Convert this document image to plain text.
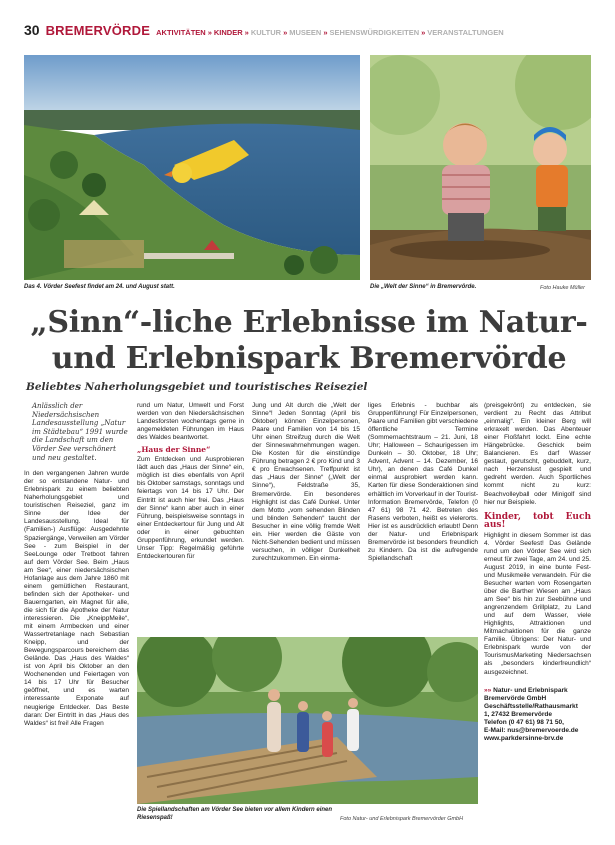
30 BREMERVÖRDE AKTIVITÄTEN » KINDER » KULTUR » MUSEEN » SEHENSWÜRDIGKEITEN » VERANSTALTUNGEN
Das 4. Vörder Seefest findet am 24. und August statt.	Die „Welt der Sinne“ in Bremervörde.	Foto Hauke Müller
„Sinn“-liche Erlebnisse im Natur- und Erlebnispark Bremervörde
Beliebtes Naherholungsgebiet und touristisches Reiseziel

Anlässlich der Niedersächsischen Landesausstellung „Natur im Städtebau“ 1991 wurde die Landschaft um den Vörder See verschönert und neu gestaltet.

In den vergangenen Jahren wurde der so entstandene Natur- und Erlebnispark zu einem beliebten Naherholungsgebiet und touristischen Reiseziel, ganz im Sinne der Idee der Landesausstellung. Ideal für (Familien-) Ausflüge: Ausgedehnte Spaziergänge, Verweilen am Vörder See - zum Beispiel in der SeeLounge oder Tretboot fahren auf dem Vörder See. Beim „Haus am See“, einer niedersächsischen Hofanlage aus dem Jahre 1860 mit einem gemütlichen Restaurant, befinden sich der Apotheker- und Bauerngarten, ein Magnet für alle, die sich für die Apotheke der Natur interessieren. Die „KneippMeile“, mit einem Armbecken und einer Wassertretanlage nach Sebastian Kneipp, und der Bewegungsparcours bereichern das Gelände. Das „Haus des Waldes“ ist von April bis Oktober an den Wochenenden und Feiertagen von 14 bis 17 Uhr für Besucher geöffnet, und es warten interessante Exponate auf neugierige Entdecker. Das Beste daran: Der Eintritt in das „Haus des Waldes“ ist frei! Alle Fragen

rund um Natur, Umwelt und Forst werden von den Niedersächsischen Landesforsten wochentags gerne in angemeldeten Führungen im Haus des Waldes beantwortet.

„Haus der Sinne“

Zum Entdecken und Ausprobieren lädt auch das „Haus der Sinne“ ein, möglich ist dies ebenfalls von April bis Oktober samstags, sonntags und feiertags von 14 bis 17 Uhr. Der Eintritt ist auch hier frei. Das „Haus der Sinne“ kann aber auch in einer Führung, beispielsweise sonntags in einer Entdeckertour für Jung und Alt oder in einer gebuchten Gruppenführung, erkundet werden. Unser Tipp: Regelmäßig geführte Entdeckertouren für

Jung und Alt durch die „Welt der Sinne“! Jeden Sonntag (April bis Oktober) können Einzelpersonen, Paare und Familien von 14 bis 15 Uhr einen Streifzug durch die Welt der Sinneswahrnehmungen wagen. Die Kosten für die einstündige Führung betragen 2 € pro Kind und 3 € pro Erwachsenen. Treffpunkt ist das „Haus der Sinne“ („Welt der Sinne“), Feldstraße 35, Bremervörde. Ein besonderes Highlight ist das Café Dunkel. Unter dem Motto „vom sehenden Blinden und blinden Sehenden“ taucht der Besucher in eine völlig fremde Welt ein. Hier werden die Gäste von Nicht-Sehenden bedient und müssen versuchen, in völliger Dunkelheit zurechtzukommen. Ein einma-

liges Erlebnis - buchbar als Gruppenführung! Für Einzelpersonen, Paare und Familien gibt verschiedene öffentliche Termine (Sommernachtstraum – 21. Juni, 18 Uhr; Halloween – Schaurigessen im Dunkeln – 30. Oktober, 18 Uhr; Advent, Advent – 14. Dezember, 16 Uhr), an denen das Café Dunkel einmal ausprobiert werden kann. Karten für diese Sonderaktionen sind erhältlich im Vorverkauf in der Tourist-Information Bremervörde, Telefon (0 47 61) 98 71 42. Betreten des Rasens verboten, heißt es vielerorts. Hier ist es ausdrücklich erlaubt! Denn der Natur- und Erlebnispark Bremervörde ist besonders freundlich zu Kindern. Da ist die aufregende Spiellandschaft

(preisgekrönt) zu entdecken, sie verdient zu Recht das Attribut „einmalig“. Ein kleiner Berg will erkraxelt werden. Das Abenteuer einer Floßfahrt lockt. Eine echte Hängebrücke. Geschick beim Balancieren. Es darf Wasser gestaut, gerutscht, gebuddelt, kurz, nach Herzenslust gespielt und gedreht werden. Auch Sportliches kommt nicht zu kurz: Beachvolleyball oder Minigolf sind hier nur Beispiele.

Kinder, tobt Euch aus!

Highlight in diesem Sommer ist das 4. Vörder Seefest! Das Gelände rund um den Vörder See wird sich erneut für zwei Tage, am 24. und 25. August 2019, in eine bunte Fest- und Musikmeile verwandeln. Für die Besucher warten vom Rosengarten über die Barther Wiesen am „Haus am See“ bis hin zur Seebühne und angrenzendem Grillplatz, zu Land und auf dem Wasser, viele Highlights, Attraktionen und Mitmachaktionen für die ganze Familie. Übrigens: Der Natur- und Erlebnispark wurde von der TourismusMarketing Niedersachsen als „besonders kinderfreundlich“ ausgezeichnet.

»» Natur- und Erlebnispark
Bremervörde GmbH
Geschäftsstelle/Rathausmarkt
1, 27432 Bremervörde
Telefon (0 47 61) 98 71 50,
E-Mail: nus@bremervoerde.de
www.parkdersinne-brv.de
Die Spiellandschaften am Vörder See bieten vor allem Kindern einen Riesenspaß!	Foto Natur- und Erlebnispark Bremervörder GmbH
